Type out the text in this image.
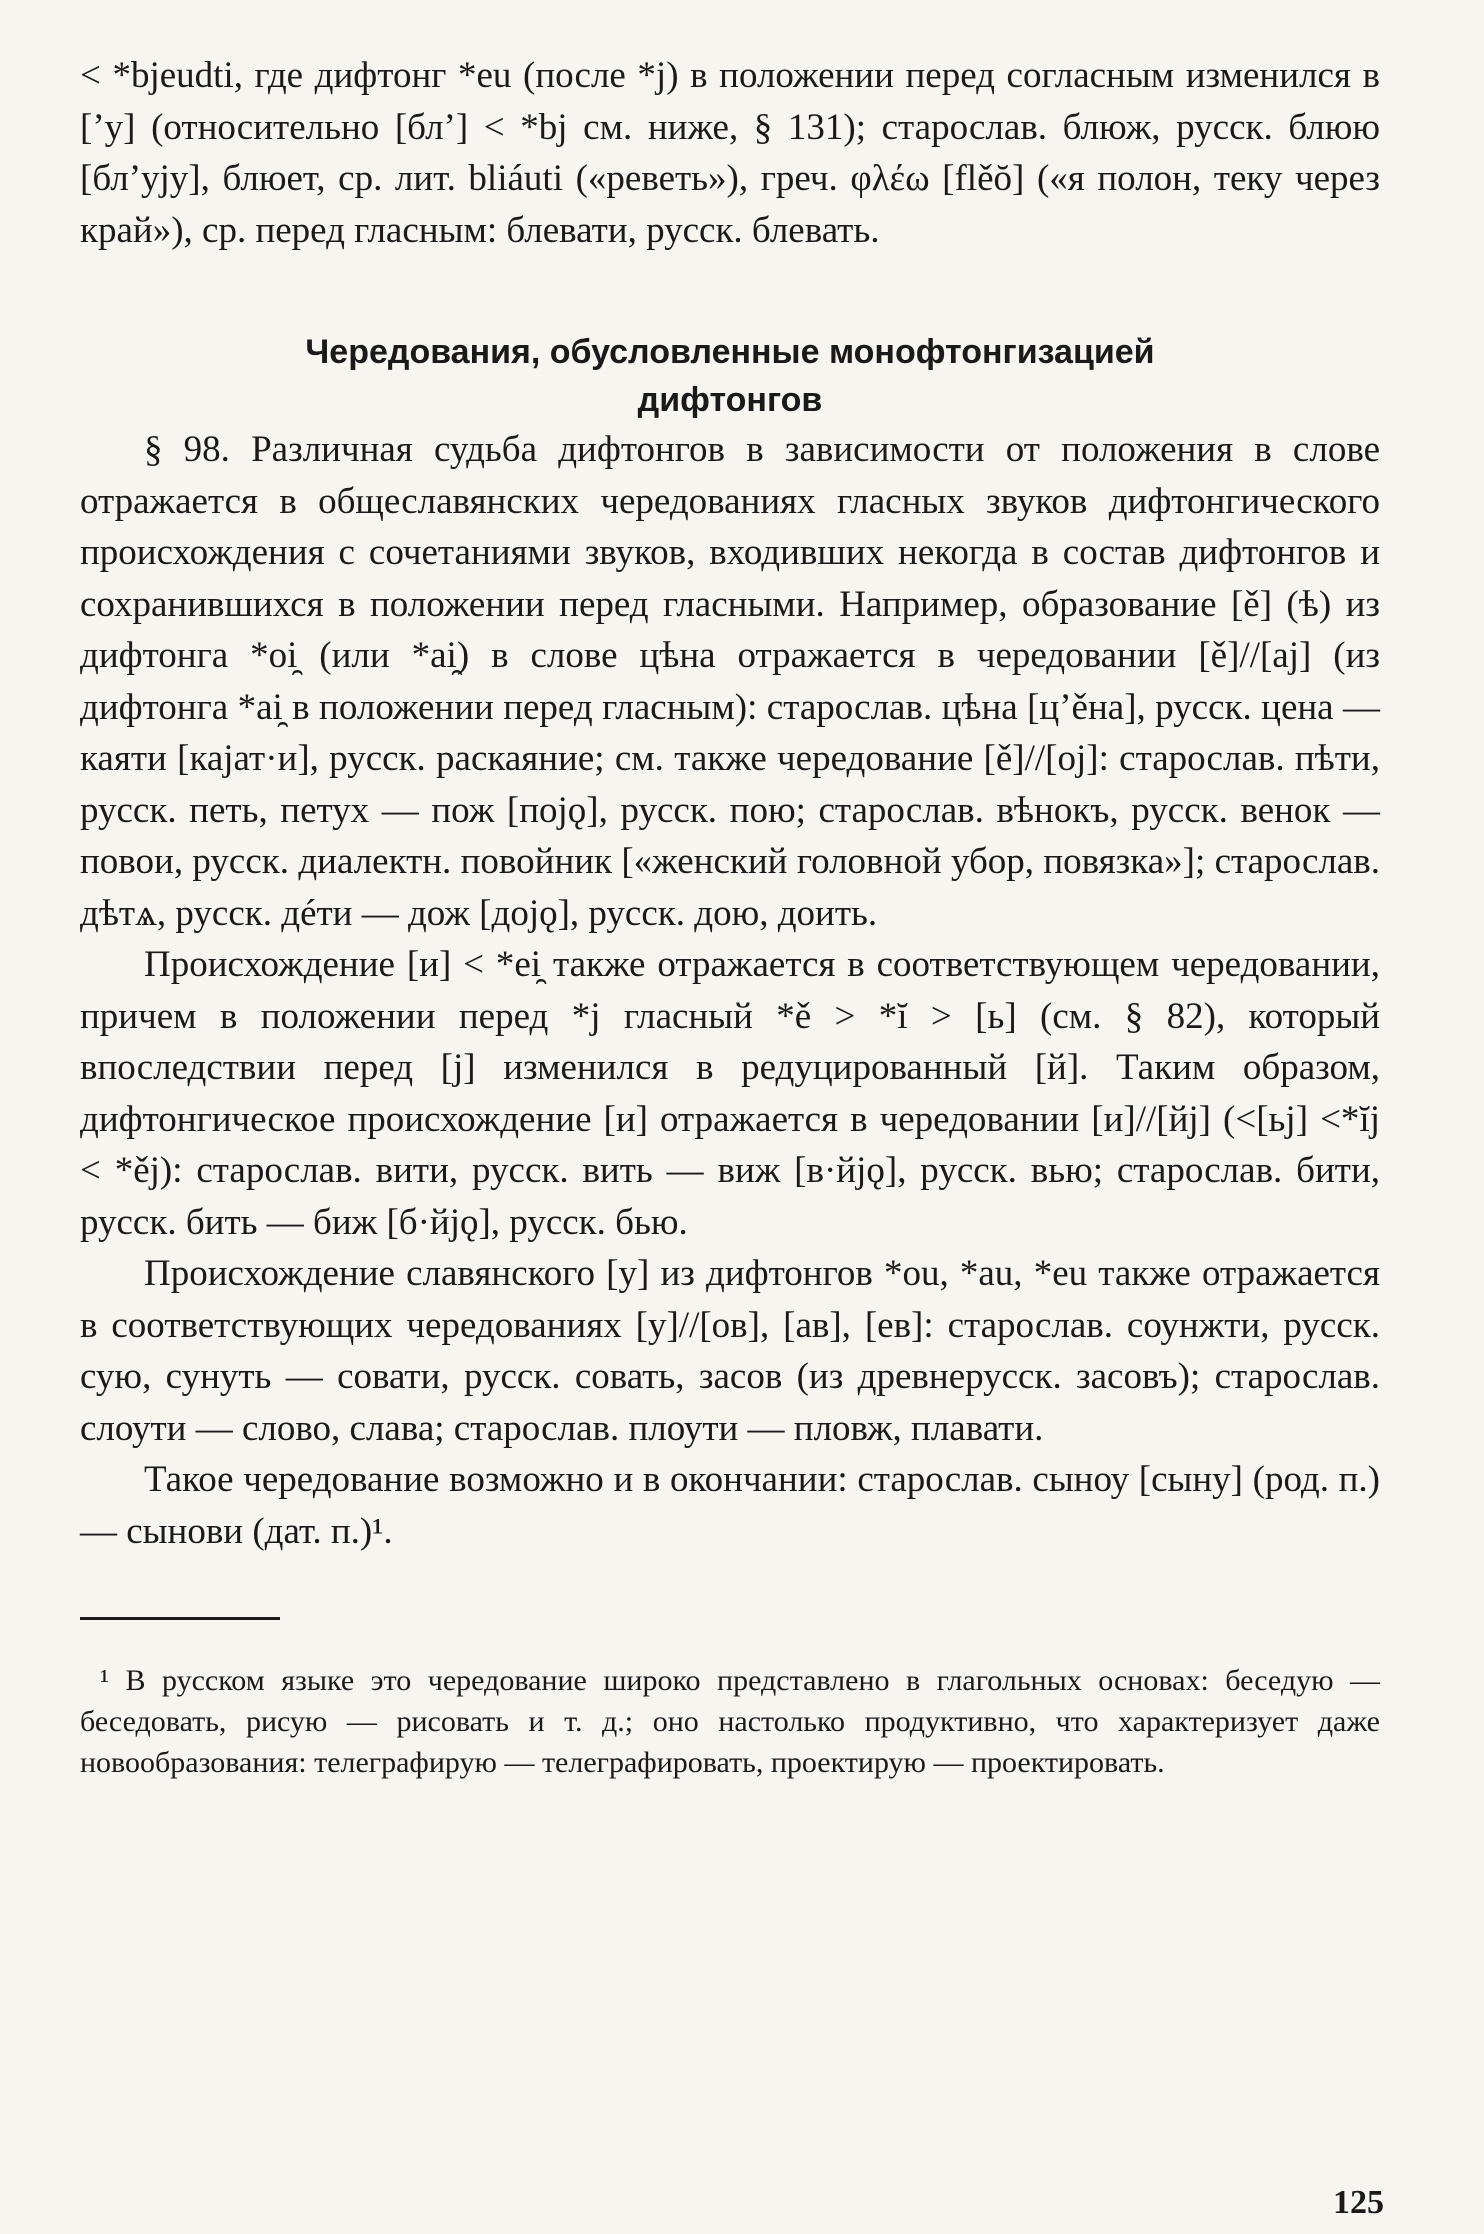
< *bjeudti, где дифтонг *eu (после *j) в положении перед согласным изменился в [’у] (относительно [бл’] < *bj см. ниже, § 131); старослав. блюж, русск. блюю [бл’уjу], блюет, ср. лит. bliáuti («реветь»), греч. φλέω [flěŏ] («я полон, теку через край»), ср. перед гласным: блевати, русск. блевать.

Чередования, обусловленные монофтонгизацией
дифтонгов

§ 98. Различная судьба дифтонгов в зависимости от положения в слове отражается в общеславянских чередованиях гласных звуков дифтонгического происхождения с сочетаниями звуков, входивших некогда в состав дифтонгов и сохранившихся в положении перед гласными. Например, образование [ě] (ѣ) из дифтонга *oi̯ (или *ai̯) в слове цѣна отражается в чередовании [ě]//[aj] (из дифтонга *ai̯ в положении перед гласным): старослав. цѣна [ц’ěна], русск. цена — каяти [кајат·и], русск. раскаяние; см. также чередование [ě]//[oj]: старослав. пѣти, русск. петь, петух — пож [појǫ], русск. пою; старослав. вѣнокъ, русск. венок — повои, русск. диалектн. повойник [«женский головной убор, повязка»]; старослав. дѣтѧ, русск. дéти — дож [дојǫ], русск. дою, доить.

Происхождение [и] < *ei̯ также отражается в соответствующем чередовании, причем в положении перед *j гласный *ě > *ĭ > [ь] (см. § 82), который впоследствии перед [j] изменился в редуцированный [й]. Таким образом, дифтонгическое происхождение [и] отражается в чередовании [и]//[йj] (<[ьj] <*ĭj < *ěj): старослав. вити, русск. вить — виж [в·йјǫ], русск. вью; старослав. бити, русск. бить — биж [б·йјǫ], русск. бью.

Происхождение славянского [у] из дифтонгов *ou, *au, *eu также отражается в соответствующих чередованиях [у]//[ов], [ав], [ев]: старослав. соунжти, русск. сую, сунуть — совати, русск. совать, засов (из древнерусск. засовъ); старослав. слоути — слово, слава; старослав. плоути — пловж, плавати.

Такое чередование возможно и в окончании: старослав. сыноу [сыну] (род. п.) — сынови (дат. п.)¹.

¹ В русском языке это чередование широко представлено в глагольных основах: беседую — беседовать, рисую — рисовать и т. д.; оно настолько продуктивно, что характеризует даже новообразования: телеграфирую — телеграфировать, проектирую — проектировать.

125
